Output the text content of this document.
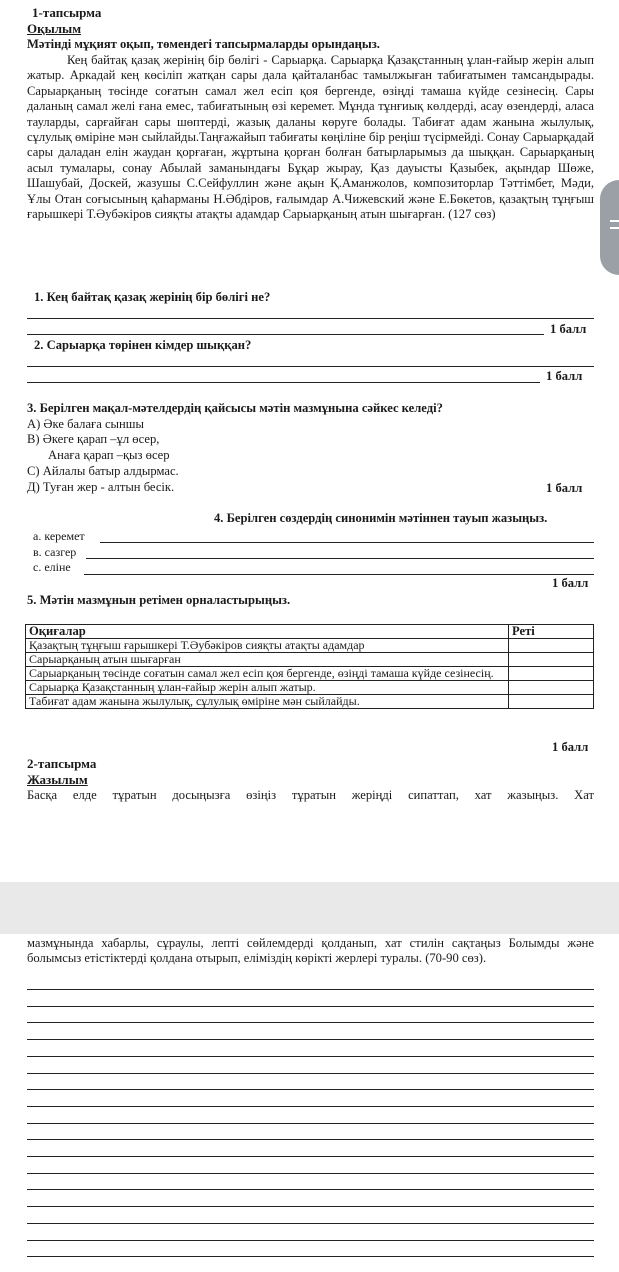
1-тапсырма
Оқылым
Мәтінді мұқият оқып, төмендегі тапсырмаларды орындаңыз.

Кең байтақ қазақ жерінің бір бөлігі - Сарыарқа. Сарыарқа Қазақстанның ұлан-ғайыр жерін алып жатыр. Аркадай кең көсіліп жатқан сары дала қайталанбас тамылжыған табиғатымен тамсандырады. Сарыарқаның төсінде соғатын самал жел есіп қоя бергенде, өзіңді тамаша күйде сезінесің. Сары даланың самал желі ғана емес, табиғатының өзі керемет. Мұнда тұнғиық көлдерді, асау өзендерді, аласа тауларды, сарғайған сары шөптерді, жазық даланы көруге болады. Табиғат адам жанына жылулық, сұлулық өміріне мән сыйлайды.Таңғажайып табиғаты көңіліне бір реңіш түсірмейді. Сонау Сарыарқадай сары даладан елін жаудан қорғаған, жұртына қорған болған батырларымыз да шыққан. Сарыарқаның асыл тумалары, сонау Абылай заманындағы Бұқар жырау, Қаз дауысты Қазыбек, ақындар Шөже, Шашубай, Доскей, жазушы С.Сейфуллин және ақын Қ.Аманжолов, композиторлар Тәттімбет, Мәди, Ұлы Отан соғысының қаһарманы Н.Әбдіров, ғалымдар А.Чижевский және Е.Бөкетов, қазақтың тұңғыш ғарышкері Т.Әубәкіров сияқты атақты адамдар Сарыарқаның атын шығарған. (127 сөз)

1. Кең байтақ қазақ жерінің бір бөлігі не?
1 балл
2. Сарыарқа төрінен кімдер шыққан?
1 балл
3. Берілген мақал-мәтелдердің қайсысы мәтін мазмұнына сәйкес келеді?
А) Әке балаға сыншы
В) Әкеге қарап –ұл өсер,
Анаға қарап –қыз өсер
С) Айлалы батыр алдырмас.
Д) Туған жер - алтын бесік.	1 балл
4. Берілген сөздердің синонимін мәтіннен тауып жазыңыз.
а. керемет
в. сазгер
с. еліне
1 балл
5. Мәтін мазмұнын ретімен орналастырыңыз.
Оқиғалар	Реті
Қазақтың тұңғыш ғарышкері Т.Әубәкіров сияқты атақты адамдар	
Сарыарқаның атын шығарған	
Сарыарқаның төсінде соғатын самал жел есіп қоя бергенде, өзіңді тамаша күйде сезінесің.	
Сарыарқа Қазақстанның ұлан-ғайыр жерін алып жатыр.	
Табиғат адам жанына жылулық, сұлулық өміріне мән сыйлайды.	
1 балл
2-тапсырма
Жазылым

Басқа елде тұратын досыңызға өзіңіз тұратын жеріңді сипаттап, хат жазыңыз. Хат

мазмұнында хабарлы, сұраулы, лепті сөйлемдерді қолданып, хат стилін сақтаңыз Болымды және болымсыз етістіктерді қолдана отырып, еліміздің көрікті жерлері туралы. (70-90 сөз).
